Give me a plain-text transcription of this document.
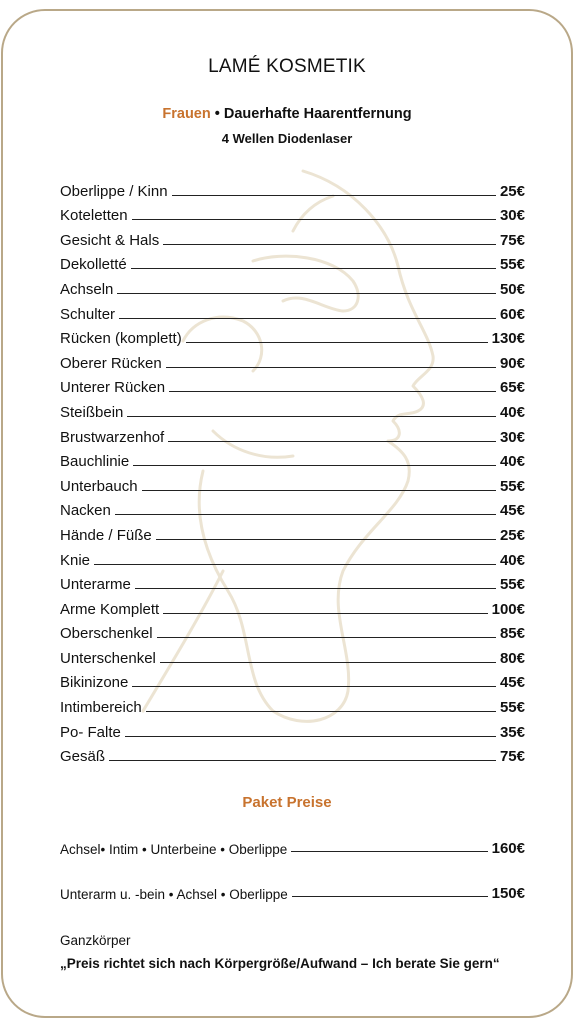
LAMÉ KOSMETIK
Frauen • Dauerhafte Haarentfernung
4 Wellen Diodenlaser
Oberlippe / Kinn	25€
Koteletten	30€
Gesicht & Hals	75€
Dekolletté	55€
Achseln	50€
Schulter	60€
Rücken (komplett)	130€
Oberer Rücken	90€
Unterer Rücken	65€
Steißbein	40€
Brustwarzenhof	30€
Bauchlinie	40€
Unterbauch	55€
Nacken	45€
Hände / Füße	25€
Knie	40€
Unterarme	55€
Arme Komplett	100€
Oberschenkel	85€
Unterschenkel	80€
Bikinizone	45€
Intimbereich	55€
Po- Falte	35€
Gesäß	75€
Paket Preise
Achsel• Intim • Unterbeine • Oberlippe	160€
Unterarm u. -bein • Achsel • Oberlippe	150€
Ganzkörper
„Preis richtet sich nach Körpergröße/Aufwand – Ich berate Sie gern“
